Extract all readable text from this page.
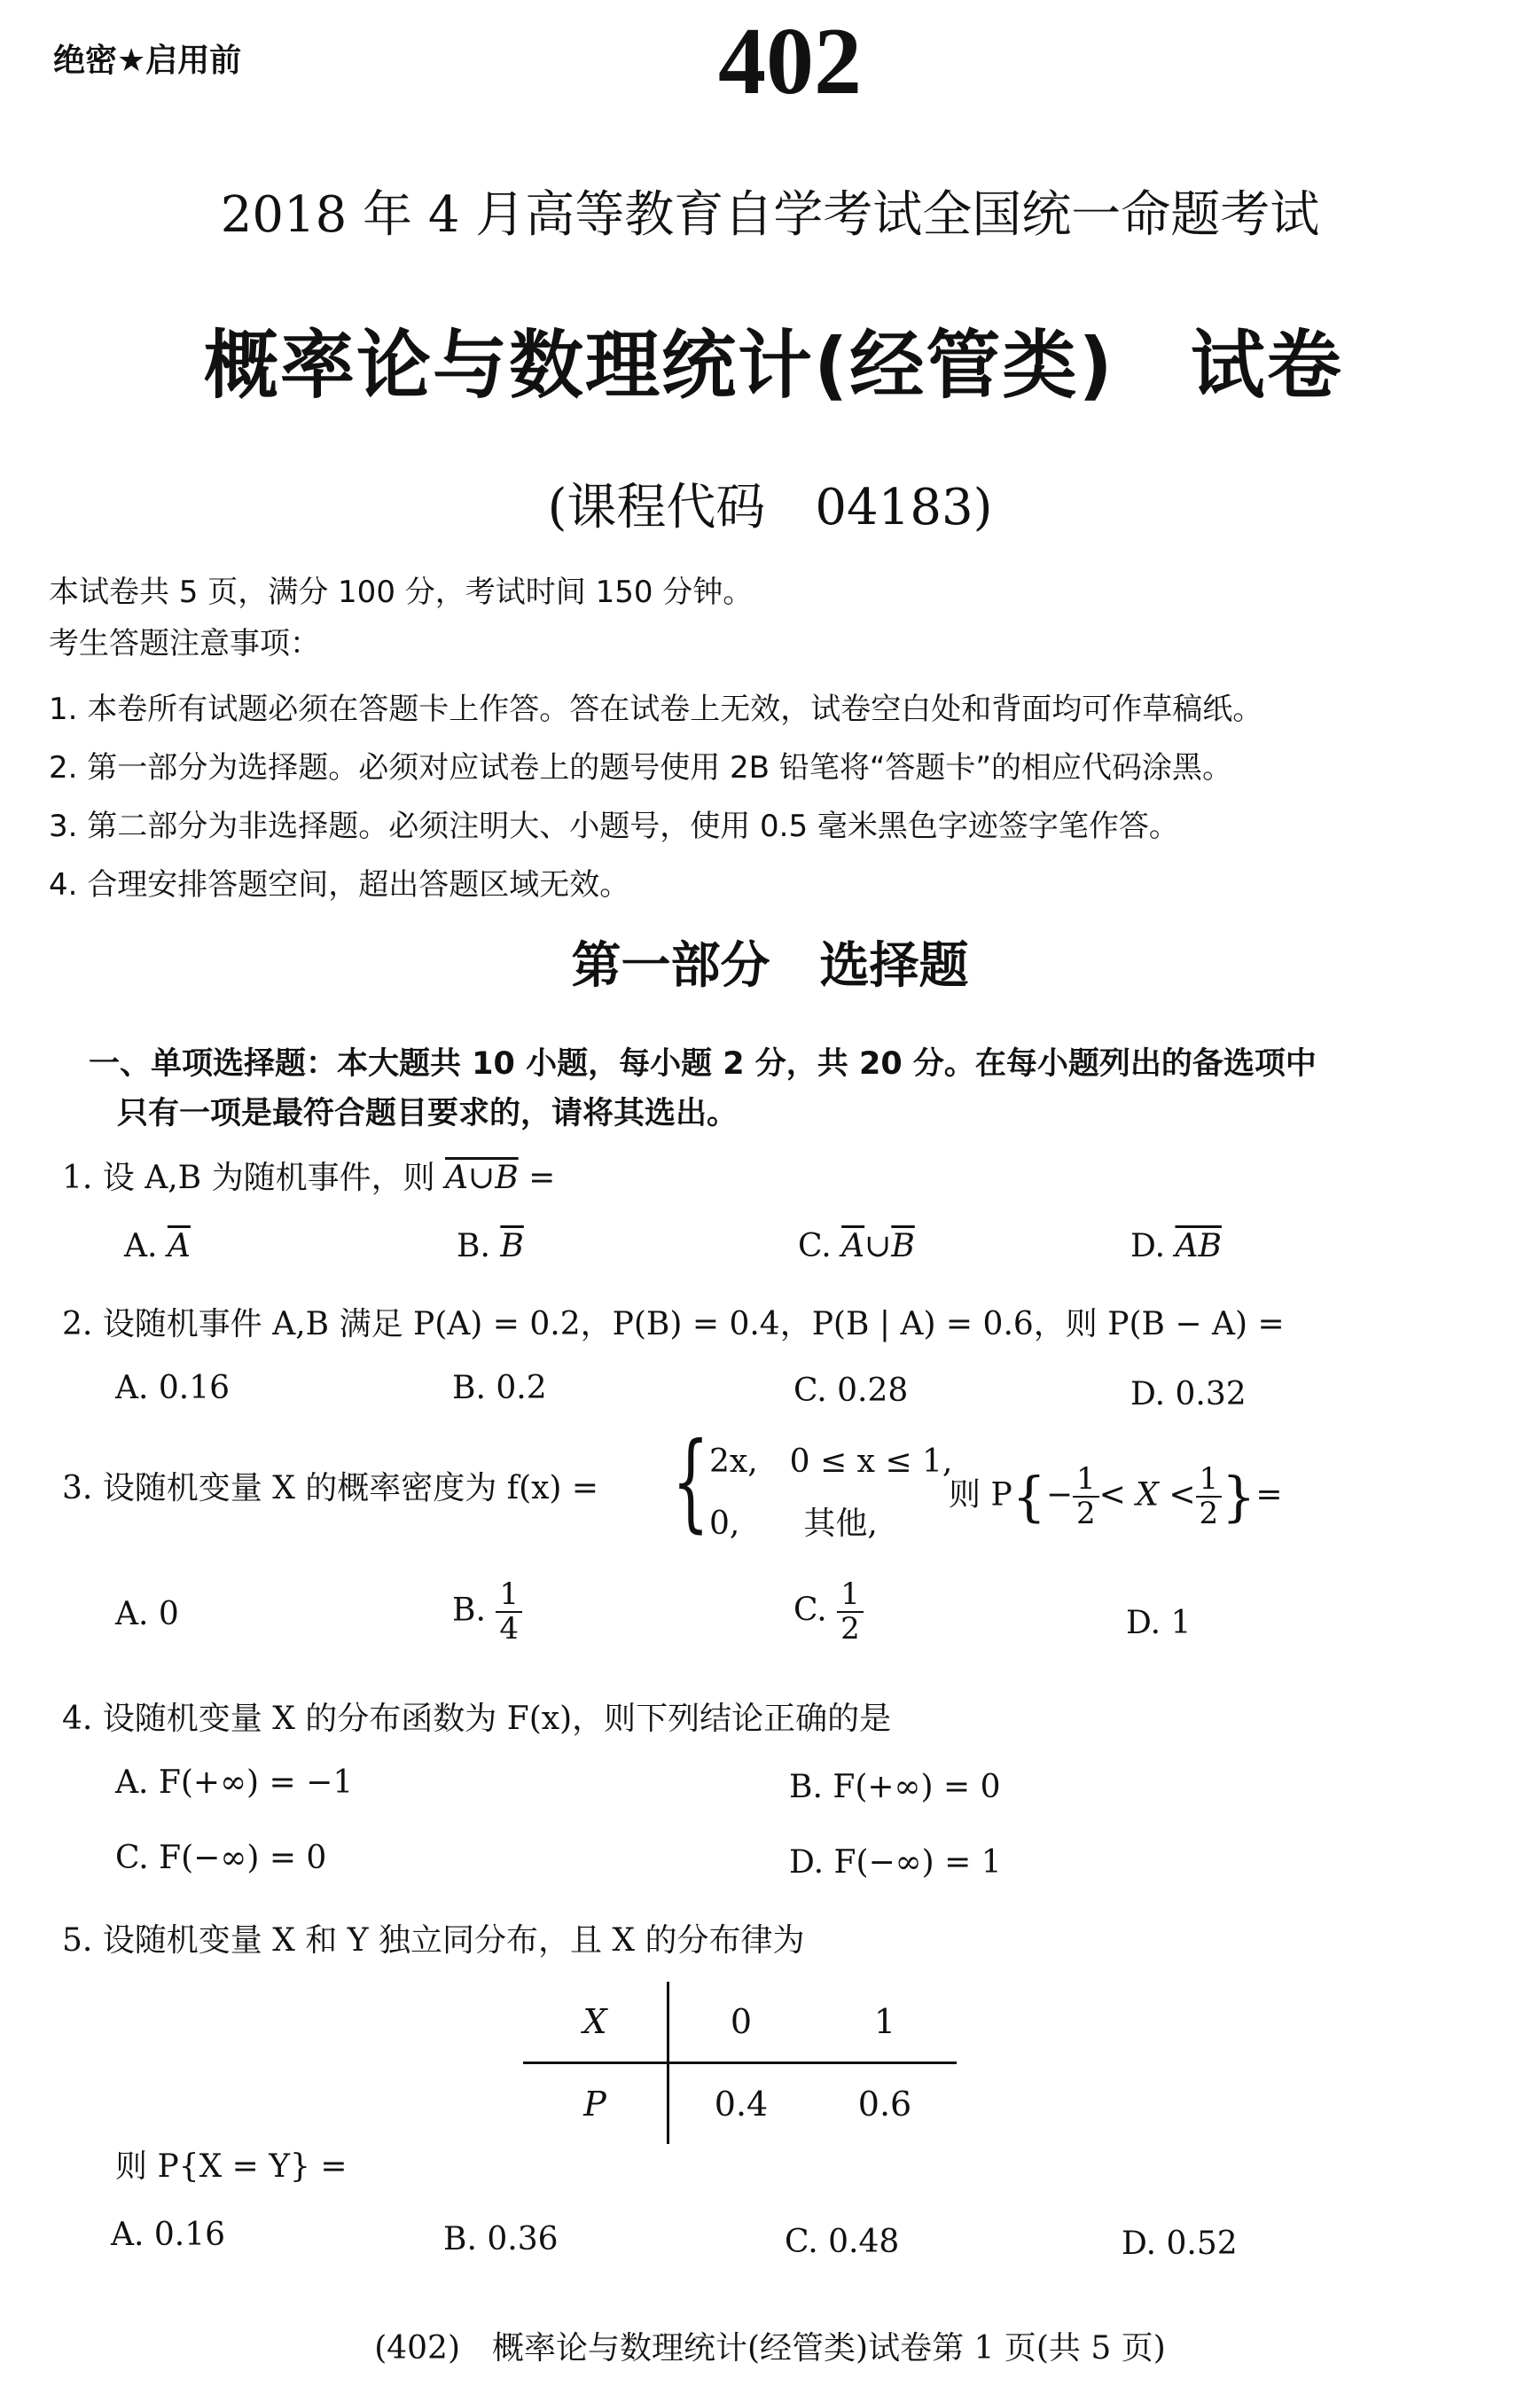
绝密★启用前	402
2018 年 4 月高等教育自学考试全国统一命题考试
概率论与数理统计(经管类)　试卷
(课程代码　04183)
本试卷共 5 页，满分 100 分，考试时间 150 分钟。
考生答题注意事项：
1. 本卷所有试题必须在答题卡上作答。答在试卷上无效，试卷空白处和背面均可作草稿纸。
2. 第一部分为选择题。必须对应试卷上的题号使用 2B 铅笔将“答题卡”的相应代码涂黑。
3. 第二部分为非选择题。必须注明大、小题号，使用 0.5 毫米黑色字迹签字笔作答。
4. 合理安排答题空间，超出答题区域无效。
第一部分　选择题
一、单项选择题：本大题共 10 小题，每小题 2 分，共 20 分。在每小题列出的备选项中
只有一项是最符合题目要求的，请将其选出。
1. 设 A,B 为随机事件，则 A∪B =
A. $\overline{A}$	B. $\overline{B}$	C. $\overline{A}\cup\overline{B}$	D. $\overline{AB}$
2. 设随机事件 A,B 满足 P(A) = 0.2，P(B) = 0.4，P(B | A) = 0.6，则 P(B − A) =
A. 0.16	B. 0.2	C. 0.28	D. 0.32
3. 设随机变量 X 的概率密度为 f(x) = { 2x,　0 ≤ x ≤ 1,
0,　　其他,
则 $P\{- \frac{1}{2} < X < \frac{1}{2}$ }=
A. 0	B. $\frac{1}{4}$	C. $\frac{1}{2}$	D. 1
4. 设随机变量 X 的分布函数为 F(x)，则下列结论正确的是
A. F(+∞) = −1	B. F(+∞) = 0
C. F(−∞) = 0	D. F(−∞) = 1
5. 设随机变量 X 和 Y 独立同分布，且 X 的分布律为
X	0	1
P	0.4	0.6
则 P{X = Y} =
A. 0.16	B. 0.36	C. 0.48	D. 0.52
(402)　概率论与数理统计(经管类)试卷第 1 页(共 5 页)
